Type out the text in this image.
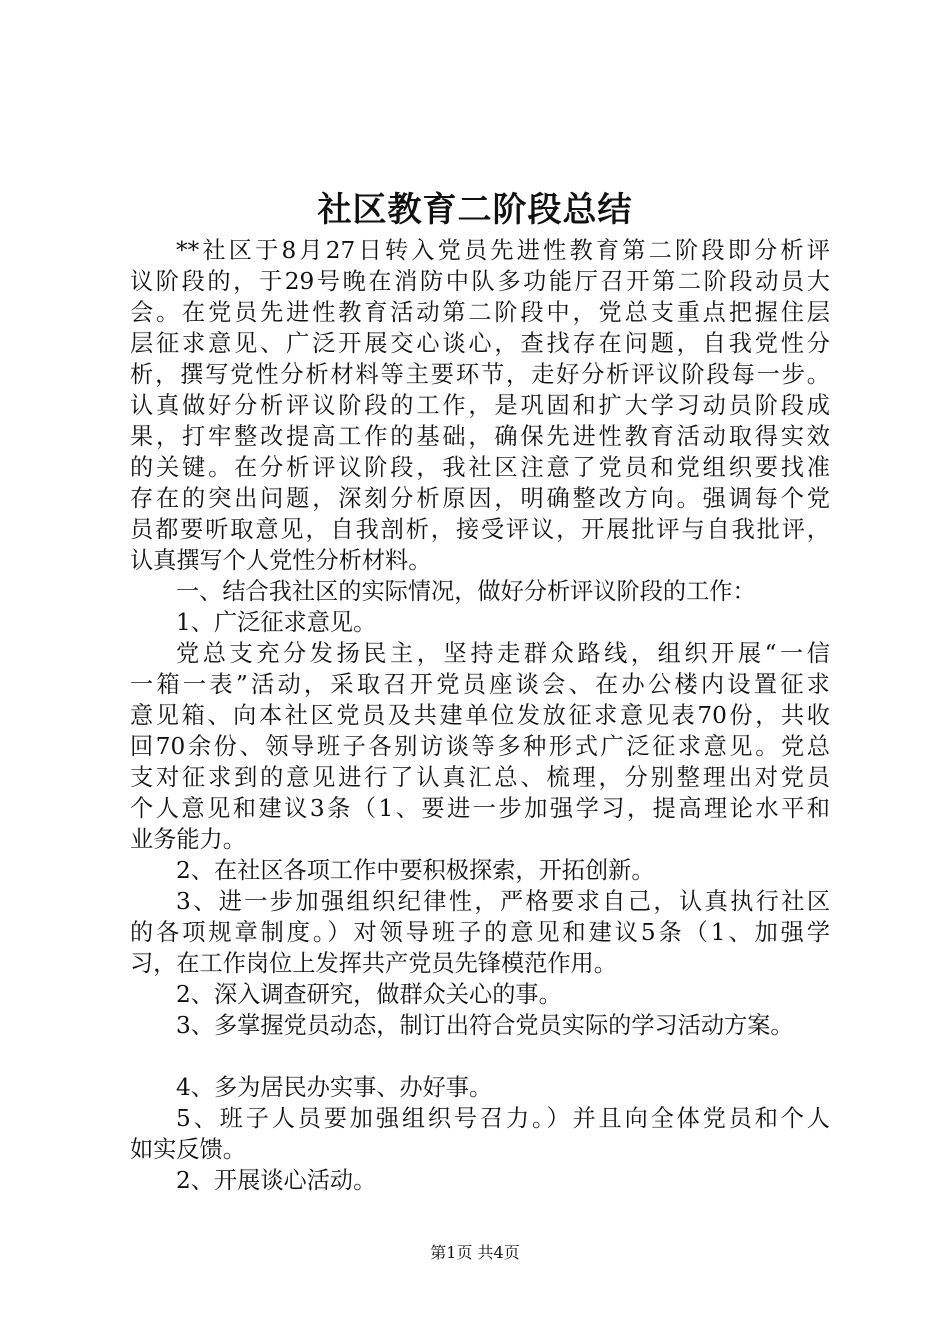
社区教育二阶段总结
**社区于8月27日转入党员先进性教育第二阶段即分析评
议阶段的，于29号晚在消防中队多功能厅召开第二阶段动员大
会。在党员先进性教育活动第二阶段中，党总支重点把握住层
层征求意见、广泛开展交心谈心，查找存在问题，自我党性分
析，撰写党性分析材料等主要环节，走好分析评议阶段每一步。
认真做好分析评议阶段的工作，是巩固和扩大学习动员阶段成
果，打牢整改提高工作的基础，确保先进性教育活动取得实效
的关键。在分析评议阶段，我社区注意了党员和党组织要找准
存在的突出问题，深刻分析原因，明确整改方向。强调每个党
员都要听取意见，自我剖析，接受评议，开展批评与自我批评，
认真撰写个人党性分析材料。
一、结合我社区的实际情况，做好分析评议阶段的工作：
1、广泛征求意见。
党总支充分发扬民主，坚持走群众路线，组织开展“一信
一箱一表”活动，采取召开党员座谈会、在办公楼内设置征求
意见箱、向本社区党员及共建单位发放征求意见表70份，共收
回70余份、领导班子各别访谈等多种形式广泛征求意见。党总
支对征求到的意见进行了认真汇总、梳理，分别整理出对党员
个人意见和建议3条（1、要进一步加强学习，提高理论水平和
业务能力。
2、在社区各项工作中要积极探索，开拓创新。
3、进一步加强组织纪律性，严格要求自己，认真执行社区
的各项规章制度。）对领导班子的意见和建议5条（1、加强学
习，在工作岗位上发挥共产党员先锋模范作用。
2、深入调查研究，做群众关心的事。
3、多掌握党员动态，制订出符合党员实际的学习活动方案。
4、多为居民办实事、办好事。
5、班子人员要加强组织号召力。）并且向全体党员和个人
如实反馈。
2、开展谈心活动。
第1页 共4页
